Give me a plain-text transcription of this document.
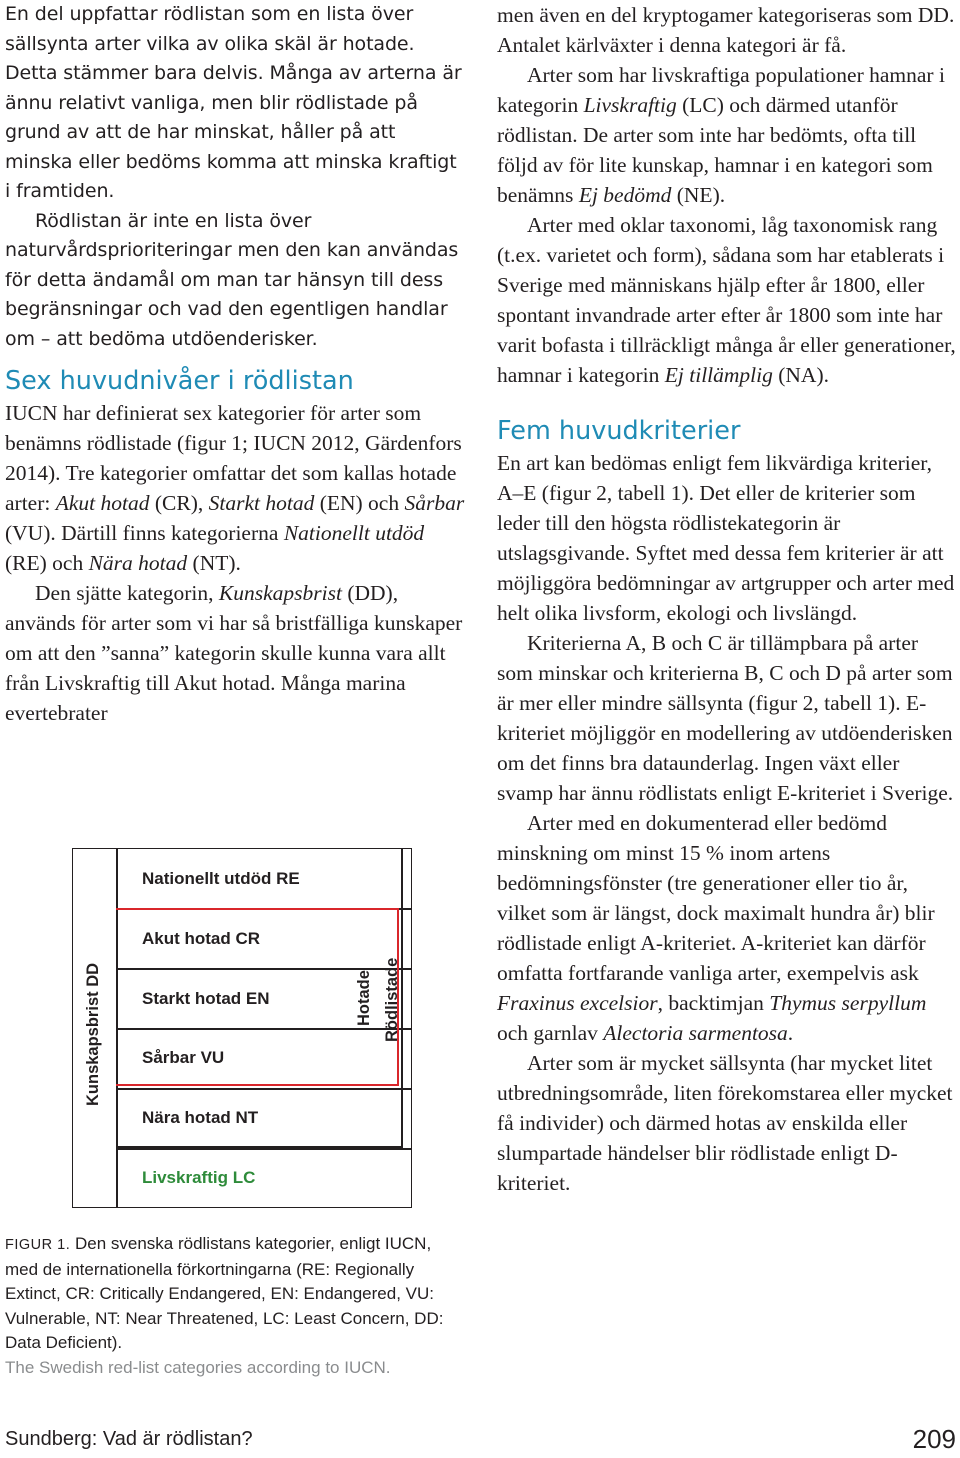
En del uppfattar rödlistan som en lista över sällsynta arter vilka av olika skäl är hotade. Detta stämmer bara delvis. Många av arterna är ännu relativt vanliga, men blir rödlistade på grund av att de har minskat, håller på att minska eller bedöms komma att minska kraftigt i framtiden.

Rödlistan är inte en lista över naturvårdsprioriteringar men den kan användas för detta ändamål om man tar hänsyn till dess begränsningar och vad den egentligen handlar om – att bedöma utdöenderisker.

Sex huvudnivåer i rödlistan

IUCN har definierat sex kategorier för arter som benämns rödlistade (figur 1; IUCN 2012, Gärdenfors 2014). Tre kategorier omfattar det som kallas hotade arter: Akut hotad (CR), Starkt hotad (EN) och Sårbar (VU). Därtill finns kategorierna Nationellt utdöd (RE) och Nära hotad (NT).

Den sjätte kategorin, Kunskapsbrist (DD), används för arter som vi har så bristfälliga kunskaper om att den ”sanna” kategorin skulle kunna vara allt från Livskraftig till Akut hotad. Många marina evertebrater

Nationellt utdöd RE
Akut hotad CR
Starkt hotad EN
Sårbar VU
Nära hotad NT
Livskraftig LC
Kunskapsbrist DD	Hotade Rödlistade
FIGUR 1. Den svenska rödlistans kategorier, enligt IUCN, med de internationella förkortningarna (RE: Regionally Extinct, CR: Critically Endangered, EN: Endangered, VU: Vulnerable, NT: Near Threatened, LC: Least Concern, DD: Data Deficient).
The Swedish red-list categories according to IUCN.

men även en del kryptogamer kategoriseras som DD. Antalet kärlväxter i denna kategori är få.

Arter som har livskraftiga populationer hamnar i kategorin Livskraftig (LC) och därmed utanför rödlistan. De arter som inte har bedömts, ofta till följd av för lite kunskap, hamnar i en kategori som benämns Ej bedömd (NE).

Arter med oklar taxonomi, låg taxonomisk rang (t.ex. varietet och form), sådana som har etablerats i Sverige med människans hjälp efter år 1800, eller spontant invandrade arter efter år 1800 som inte har varit bofasta i tillräckligt många år eller generationer, hamnar i kategorin Ej tillämplig (NA).

Fem huvudkriterier

En art kan bedömas enligt fem likvärdiga kriterier, A–E (figur 2, tabell 1). Det eller de kriterier som leder till den högsta rödlistekategorin är utslagsgivande. Syftet med dessa fem kriterier är att möjliggöra bedömningar av artgrupper och arter med helt olika livsform, ekologi och livslängd.

Kriterierna A, B och C är tillämpbara på arter som minskar och kriterierna B, C och D på arter som är mer eller mindre sällsynta (figur 2, tabell 1). E-kriteriet möjliggör en modellering av utdöenderisken om det finns bra dataunderlag. Ingen växt eller svamp har ännu rödlistats enligt E-kriteriet i Sverige.

Arter med en dokumenterad eller bedömd minskning om minst 15 % inom artens bedömningsfönster (tre generationer eller tio år, vilket som är längst, dock maximalt hundra år) blir rödlistade enligt A-kriteriet. A-kriteriet kan därför omfatta fortfarande vanliga arter, exempelvis ask Fraxinus excelsior, backtimjan Thymus serpyllum och garnlav Alectoria sarmentosa.

Arter som är mycket sällsynta (har mycket litet utbredningsområde, liten förekomstarea eller mycket få individer) och därmed hotas av enskilda eller slumpartade händelser blir rödlistade enligt D-kriteriet.

Sundberg: Vad är rödlistan?	209
